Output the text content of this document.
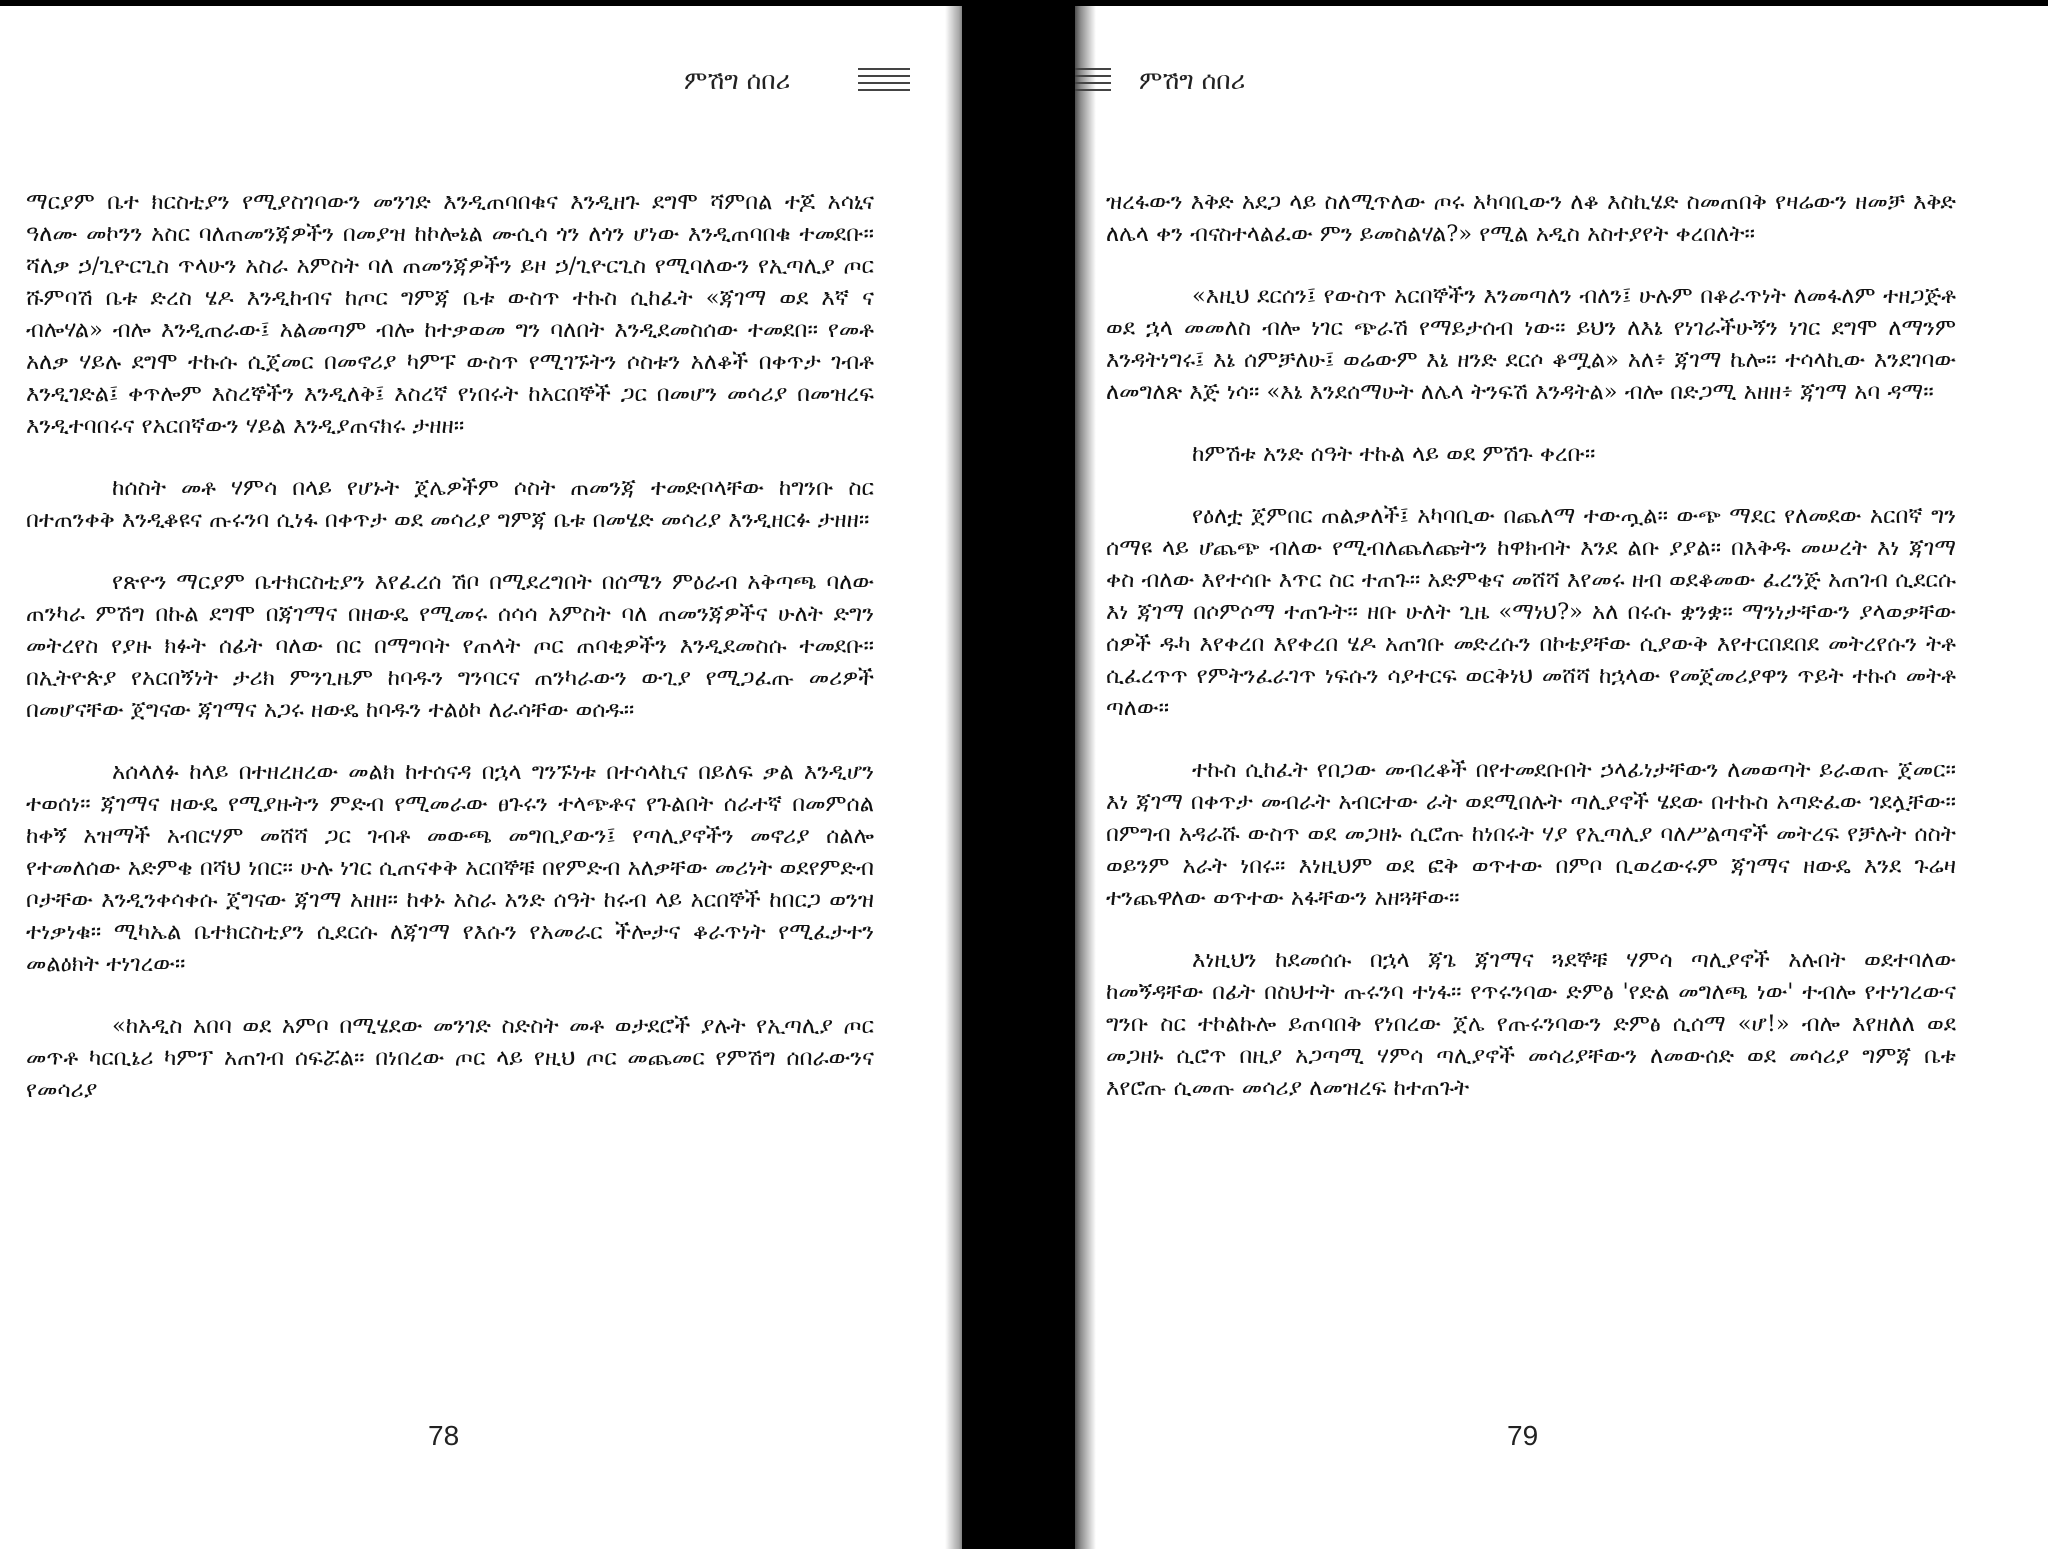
ምሽግ ሰበሪ

ማርያም ቤተ ክርስቲያን የሚያስገባውን መንገድ እንዲጠባበቁና እንዲዘጉ ደግሞ ሻምበል ተጆ አሳኒና ዓለሙ መኮንን አስር ባለጠመንጃዎችን በመያዝ ከኮሎኔል ሙሲሳ ጎን ለጎን ሆነው እንዲጠባበቁ ተመደቡ። ሻለቃ ኃ/ጊዮርጊስ ጥላሁን አስራ አምስት ባለ ጠመንጃዎችን ይዞ ኃ/ጊዮርጊስ የሚባለውን የኢጣሊያ ጦር ሹምባሽ ቤቱ ድረስ ሄዶ እንዲከብና ከጦር ግምጃ ቤቱ ውስጥ ተኩስ ሲከፈት «ጃገማ ወደ እኛ ና ብሎሃል» ብሎ እንዲጠራው፤ አልመጣም ብሎ ከተቃወመ ግን ባለበት እንዲደመስሰው ተመደበ። የመቶ አለቃ ሃይሉ ደግሞ ተኩሱ ሲጀመር በመኖሪያ ካምፑ ውስጥ የሚገኙትን ሶስቱን አለቆች በቀጥታ ገብቶ እንዲገድል፤ ቀጥሎም እስረኞችን እንዲለቅ፤ እስረኛ የነበሩት ከአርበኞች ጋር በመሆን መሳሪያ በመዝረፍ እንዲተባበሩና የአርበኛውን ሃይል እንዲያጠናክሩ ታዘዘ።

ከሰስት መቶ ሃምሳ በላይ የሆኑት ጀሌዎችም ሶስት ጠመንጃ ተመድቦላቸው ከግንቡ ስር በተጠንቀቅ እንዲቆዩና ጡሩንባ ሲነፋ በቀጥታ ወደ መሳሪያ ግምጃ ቤቱ በመሄድ መሳሪያ እንዲዘርፉ ታዘዘ።

የጽዮን ማርያም ቤተክርስቲያን እየፈረሰ ሽቦ በሚደረግበት በሰሜን ምዕራብ አቅጣጫ ባለው ጠንካራ ምሽግ በኩል ደግሞ በጃገማና በዘውዴ የሚመሩ ሰሳሳ አምስት ባለ ጠመንጃዎችና ሁለት ድግን መትረየስ የያዙ ክፉት ሰፊት ባለው በር በማግባት የጠላት ጦር ጠባቂዎችን እንዲደመስሱ ተመደቡ። በኢትዮጵያ የአርበኝነት ታሪክ ምንጊዜም ከባዱን ግንባርና ጠንካራውን ውጊያ የሚጋፈጡ መሪዎች በመሆናቸው ጀግናው ጃገማና አጋሩ ዘውዴ ከባዱን ተልዕኮ ለራሳቸው ወሰዱ።

አሰላለፉ ከላይ በተዘረዘረው መልክ ከተሰናዳ በኋላ ግንኙነቱ በተሳላኪና በይለፍ ቃል እንዲሆን ተወሰነ። ጃገማና ዘውዴ የሚያዙትን ምድብ የሚመራው ፀጉሩን ተላጭቶና የጉልበት ሰራተኛ በመምሰል ከቀኝ አዝማች አብርሃም መሸሻ ጋር ገብቶ መውጫ መግቢያውን፤ የጣሊያኖችን መኖሪያ ሰልሎ የተመለሰው አድምቄ በሻህ ነበር። ሁሉ ነገር ሲጠናቀቅ አርበኞቹ በየምድብ አለቃቸው መሪነት ወደየምድብ ቦታቸው እንዲንቀሳቀሱ ጀግናው ጃገማ አዘዘ። ከቀኑ አስራ አንድ ሰዓት ከሩብ ላይ አርበኞች ከበርጋ ወንዝ ተነቃነቁ። ሚካኤል ቤተክርስቲያን ሲደርሱ ለጃገማ የእሱን የአመራር ችሎታና ቆራጥነት የሚፈታተን መልዕክት ተነገረው።

«ከአዲስ አበባ ወደ አምቦ በሚሄደው መንገድ ስድስት መቶ ወታደሮች ያሉት የኢጣሊያ ጦር መጥቶ ካርቢኔሪ ካምፕ አጠገብ ሰፍሯል። በነበረው ጦር ላይ የዚህ ጦር መጨመር የምሽግ ሰበራውንና የመሳሪያ

78
ምሽግ ሰበሪ

ዝረፋውን እቅድ አደጋ ላይ ስለሚጥለው ጦሩ አካባቢውን ለቆ እስኪሄድ ስመጠበቅ የዛሬውን ዘመቻ እቅድ ለሌላ ቀን ብናስተላልፈው ምን ይመስልሃል?» የሚል አዲስ አስተያየት ቀረበለት።

«እዚህ ደርሰን፤ የውስጥ አርበኞችን እንመጣለን ብለን፤ ሁሉም በቆራጥነት ለመፋለም ተዘጋጅቶ ወደ ኋላ መመለስ ብሎ ነገር ጭራሽ የማይታሰብ ነው። ይህን ለእኔ የነገራችሁኝን ነገር ደግሞ ለማንም እንዳትነግሩ፤ እኔ ሰምቻለሁ፤ ወሬውም እኔ ዘንድ ደርሶ ቆሟል» አለ፥ ጃገማ ኬሎ። ተሳላኪው እንደገባው ለመግለጽ እጅ ነሳ። «እኔ እንደሰማሁት ለሌላ ትንፍሽ እንዳትል» ብሎ በድጋሚ አዘዘ፥ ጃገማ አባ ዳማ።

ከምሽቱ አንድ ሰዓት ተኩል ላይ ወደ ምሽጉ ቀረቡ።

የዕለቷ ጀምበር ጠልቃለች፤ አካባቢው በጨለማ ተውጧል። ውጭ ማደር የለመደው አርበኛ ግን ሰማዩ ላይ ሆጨጭ ብለው የሚብለጨለጩትን ከዋክብት እንደ ልቡ ያያል። በእቅዱ መሠረት እነ ጃገማ ቀስ ብለው እየተሳቡ እጥር ስር ተጠጉ። አድምቄና መሸሻ እየመሩ ዘብ ወደቆመው ፈረንጅ አጠገብ ሲደርሱ እነ ጃገማ በሶምሶማ ተጠጉት። ዘቡ ሁለት ጊዜ «ማነህ?» አለ በሩሱ ቋንቋ። ማንነታቸውን ያላወቃቸው ሰዎች ዱካ እየቀረበ እየቀረበ ሄዶ አጠገቡ መድረሱን በኮቴያቸው ሲያውቅ እየተርበደበደ መትረየሱን ትቶ ሲፈረጥጥ የምትንፈራገጥ ነፍሱን ሳያተርፍ ወርቅነህ መሸሻ ከኋላው የመጀመሪያዋን ጥይት ተኩሶ መትቶ ጣለው።

ተኩስ ሲከፈት የበጋው መብረቆች በየተመደቡበት ኃላፊነታቸውን ለመወጣት ይራወጡ ጀመር። እነ ጃገማ በቀጥታ መብራት አብርተው ራት ወደሚበሉት ጣሊያኖች ሄደው በተኩስ አጣድፈው ገደሏቸው። በምግብ አዳራሹ ውስጥ ወደ መጋዘኑ ሲሮጡ ከነበሩት ሃያ የኢጣሊያ ባለሥልጣኖች መትረፍ የቻሉት ሰስት ወይንም አራት ነበሩ። እነዚህም ወደ ፎቅ ወጥተው በምቦ ቢወረውሩም ጃገማና ዘውዴ እንደ ጉሬዛ ተንጨዋለው ወጥተው አፋቸውን አዘጓቸው።

እነዚህን ከደመሰሱ በኋላ ጃጌ ጃገማና ጓደኞቹ ሃምሳ ጣሊያኖች አሉበት ወደተባለው ከመኝዳቸው በፊት በስህተት ጡሩንባ ተነፋ። የጥሩንባው ድምፅ 'የድል መግለጫ ነው' ተብሎ የተነገረውና ግንቡ ስር ተኮልኩሎ ይጠባበቅ የነበረው ጀሌ የጡሩንባውን ድምፅ ሲሰማ «ሆ!» ብሎ እየዘለለ ወደ መጋዘኑ ሲሮጥ በዚያ አጋጣሚ ሃምሳ ጣሊያኖች መሳሪያቸውን ለመውሰድ ወደ መሳሪያ ግምጃ ቤቱ እየሮጡ ሲመጡ መሳሪያ ለመዝረፍ ከተጠጉት

79
